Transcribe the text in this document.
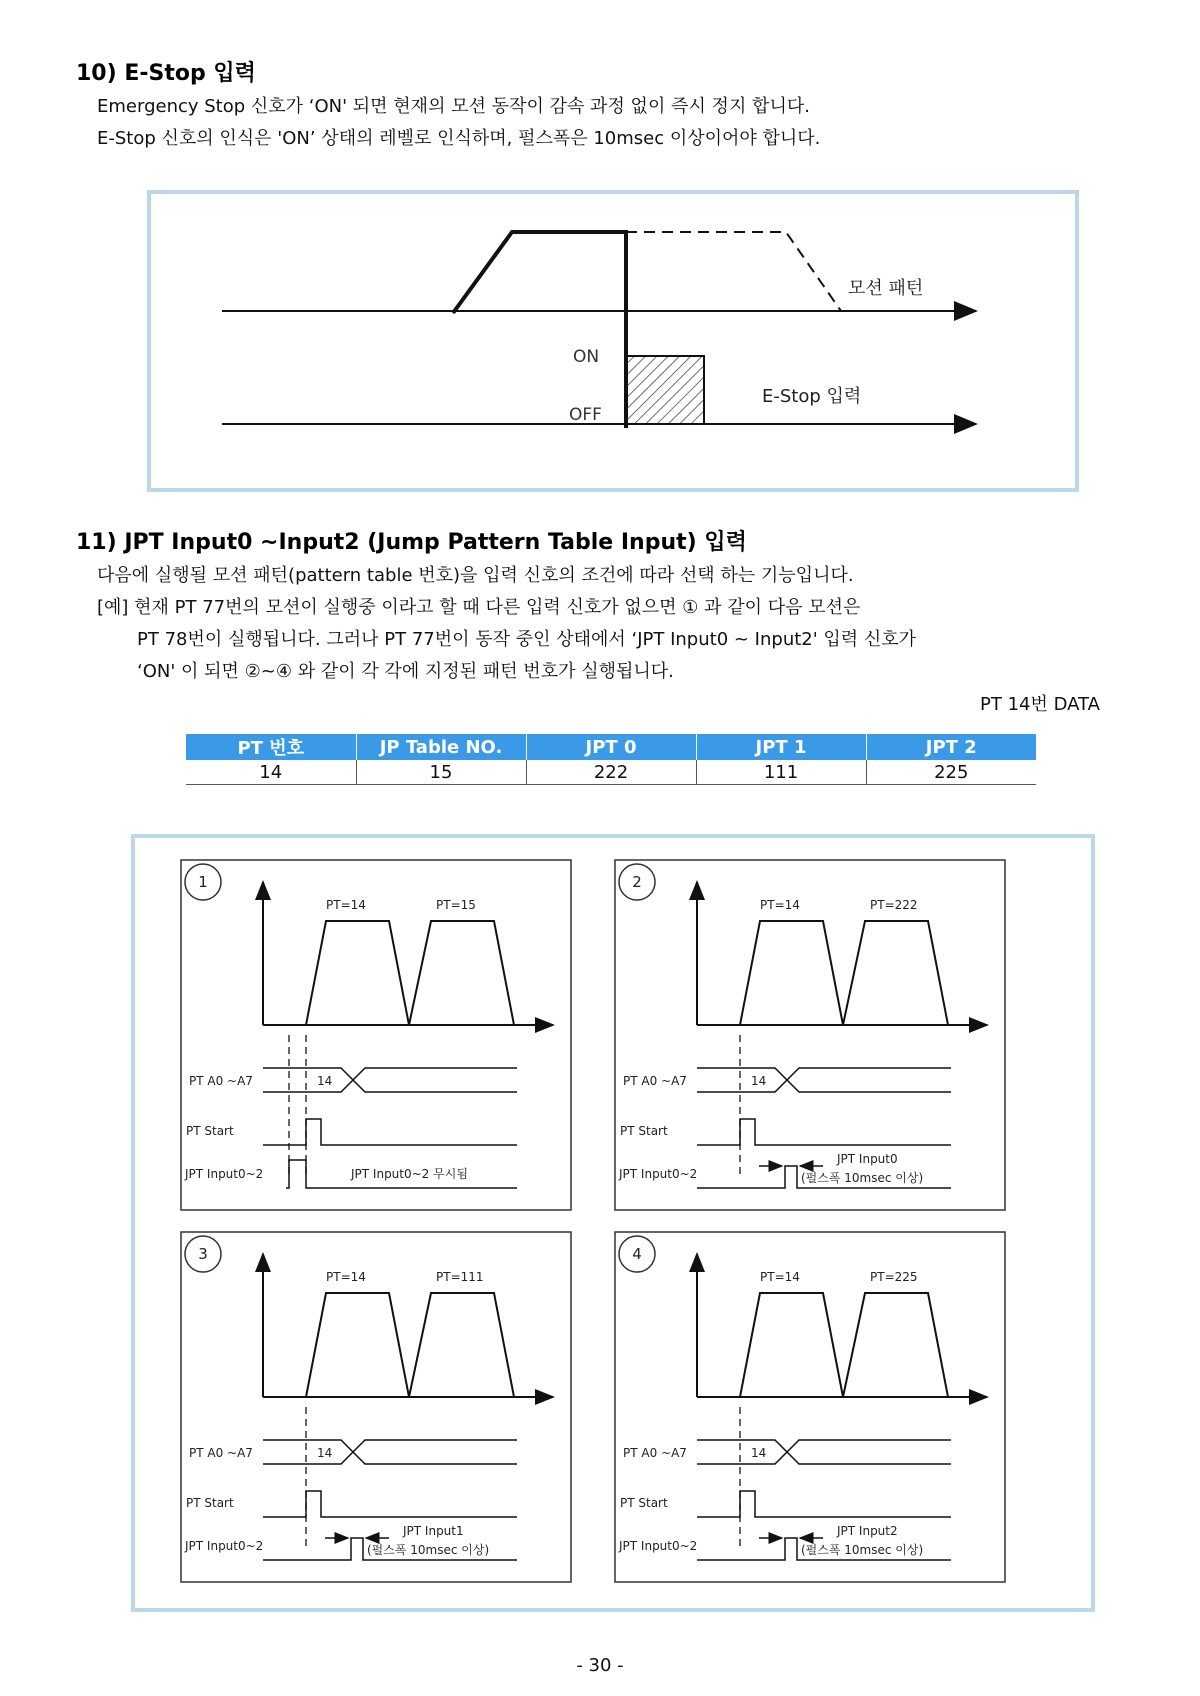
10) E-Stop 입력

Emergency Stop 신호가 ‘ON' 되면 현재의 모션 동작이 감속 과정 없이 즉시 정지 합니다.

E-Stop 신호의 인식은 'ON’ 상태의 레벨로 인식하며, 펄스폭은 10msec 이상이어야 합니다.

모션 패턴
ON
OFF
E-Stop 입력
11) JPT Input0 ~Input2 (Jump Pattern Table Input) 입력

다음에 실행될 모션 패턴(pattern table 번호)을 입력 신호의 조건에 따라 선택 하는 기능입니다.

[예] 현재 PT 77번의 모션이 실행중 이라고 할 때 다른 입력 신호가 없으면 ① 과 같이 다음 모션은

PT 78번이 실행됩니다. 그러나 PT 77번이 동작 중인 상태에서 ‘JPT Input0 ~ Input2' 입력 신호가

‘ON' 이 되면 ②~④ 와 같이 각 각에 지정된 패턴 번호가 실행됩니다.

PT 14번 DATA

PT 번호	JP Table NO.	JPT 0	JPT 1	JPT 2
14	15	222	111	225
1
PT=14	PT=15
PT A0 ~A7	14
PT Start
JPT Input0~2	JPT Input0~2 무시됨
2
PT=14	PT=222
PT A0 ~A7	14
PT Start
JPT Input0~2
JPT Input0
(펄스폭 10msec 이상)
3
PT=14	PT=111
PT A0 ~A7	14
PT Start
JPT Input0~2
JPT Input1
(펄스폭 10msec 이상)
4
PT=14	PT=225
PT A0 ~A7	14
PT Start
JPT Input0~2
JPT Input2
(펄스폭 10msec 이상)
- 30 -
